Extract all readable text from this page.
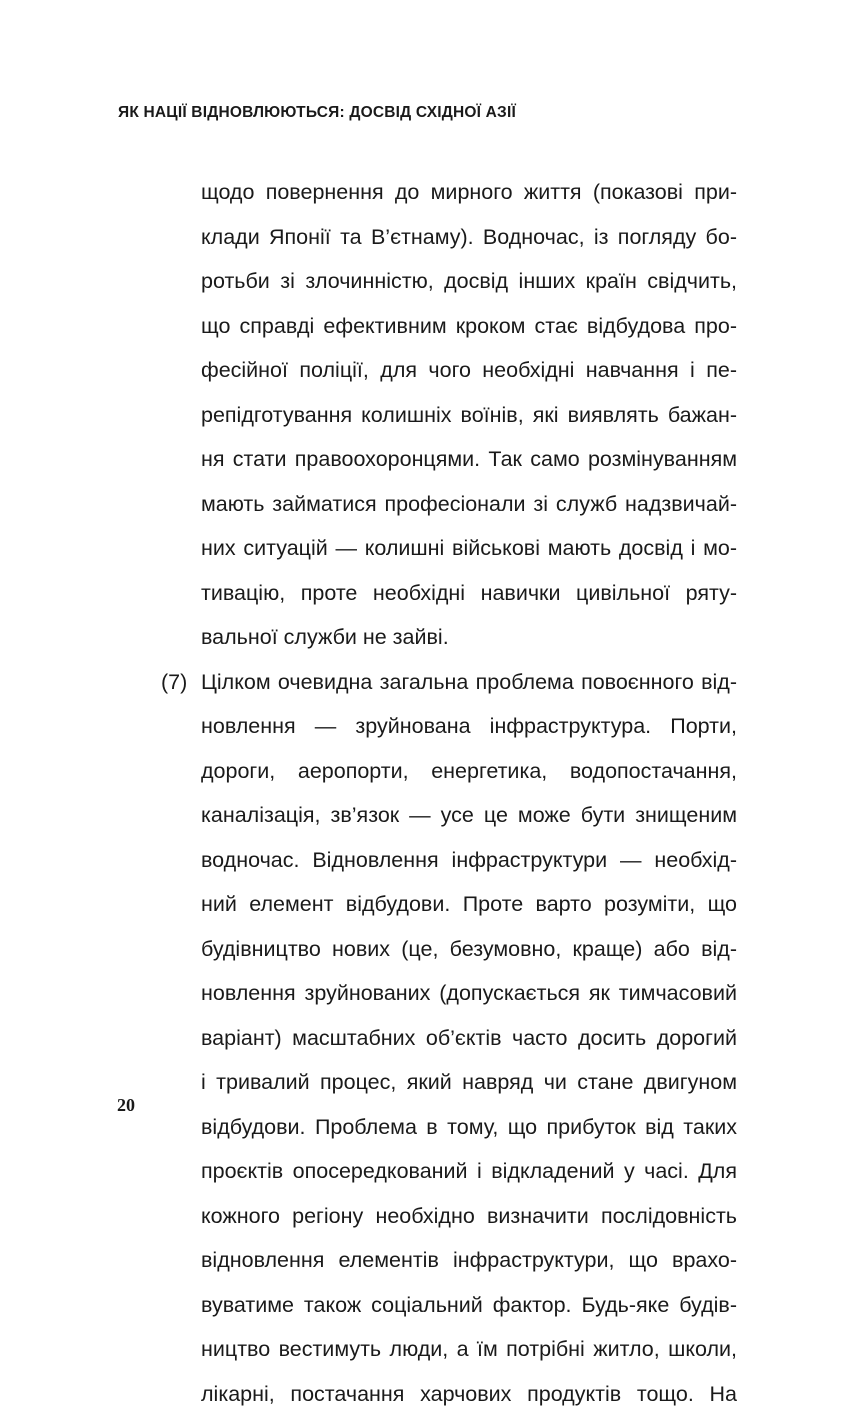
ЯК НАЦІЇ ВІДНОВЛЮЮТЬСЯ: ДОСВІД СХІДНОЇ АЗІЇ
щодо повернення до мирного життя (показові при-
клади Японії та В’єтнаму). Водночас, із погляду бо-
ротьби зі злочинністю, досвід інших країн свідчить,
що справді ефективним кроком стає відбудова про-
фесійної поліції, для чого необхідні навчання і пе-
репідготування колишніх воїнів, які виявлять бажан-
ня стати правоохоронцями. Так само розмінуванням
мають займатися професіонали зі служб надзвичай-
них ситуацій — колишні військові мають досвід і мо-
тивацію, проте необхідні навички цивільної ряту-
вальної служби не зайві.
(7) Цілком очевидна загальна проблема повоєнного від-
новлення — зруйнована інфраструктура. Порти,
дороги, аеропорти, енергетика, водопостачання,
каналізація, зв’язок — усе це може бути знищеним
водночас. Відновлення інфраструктури — необхід-
ний елемент відбудови. Проте варто розуміти, що
будівництво нових (це, безумовно, краще) або від-
новлення зруйнованих (допускається як тимчасовий
варіант) масштабних об’єктів часто досить дорогий
і тривалий процес, який навряд чи стане двигуном
відбудови. Проблема в тому, що прибуток від таких
проєктів опосередкований і відкладений у часі. Для
кожного регіону необхідно визначити послідовність
відновлення елементів інфраструктури, що врахо-
вуватиме також соціальний фактор. Будь-яке будів-
ництво вестимуть люди, а їм потрібні житло, школи,
лікарні, постачання харчових продуктів тощо. На
20
